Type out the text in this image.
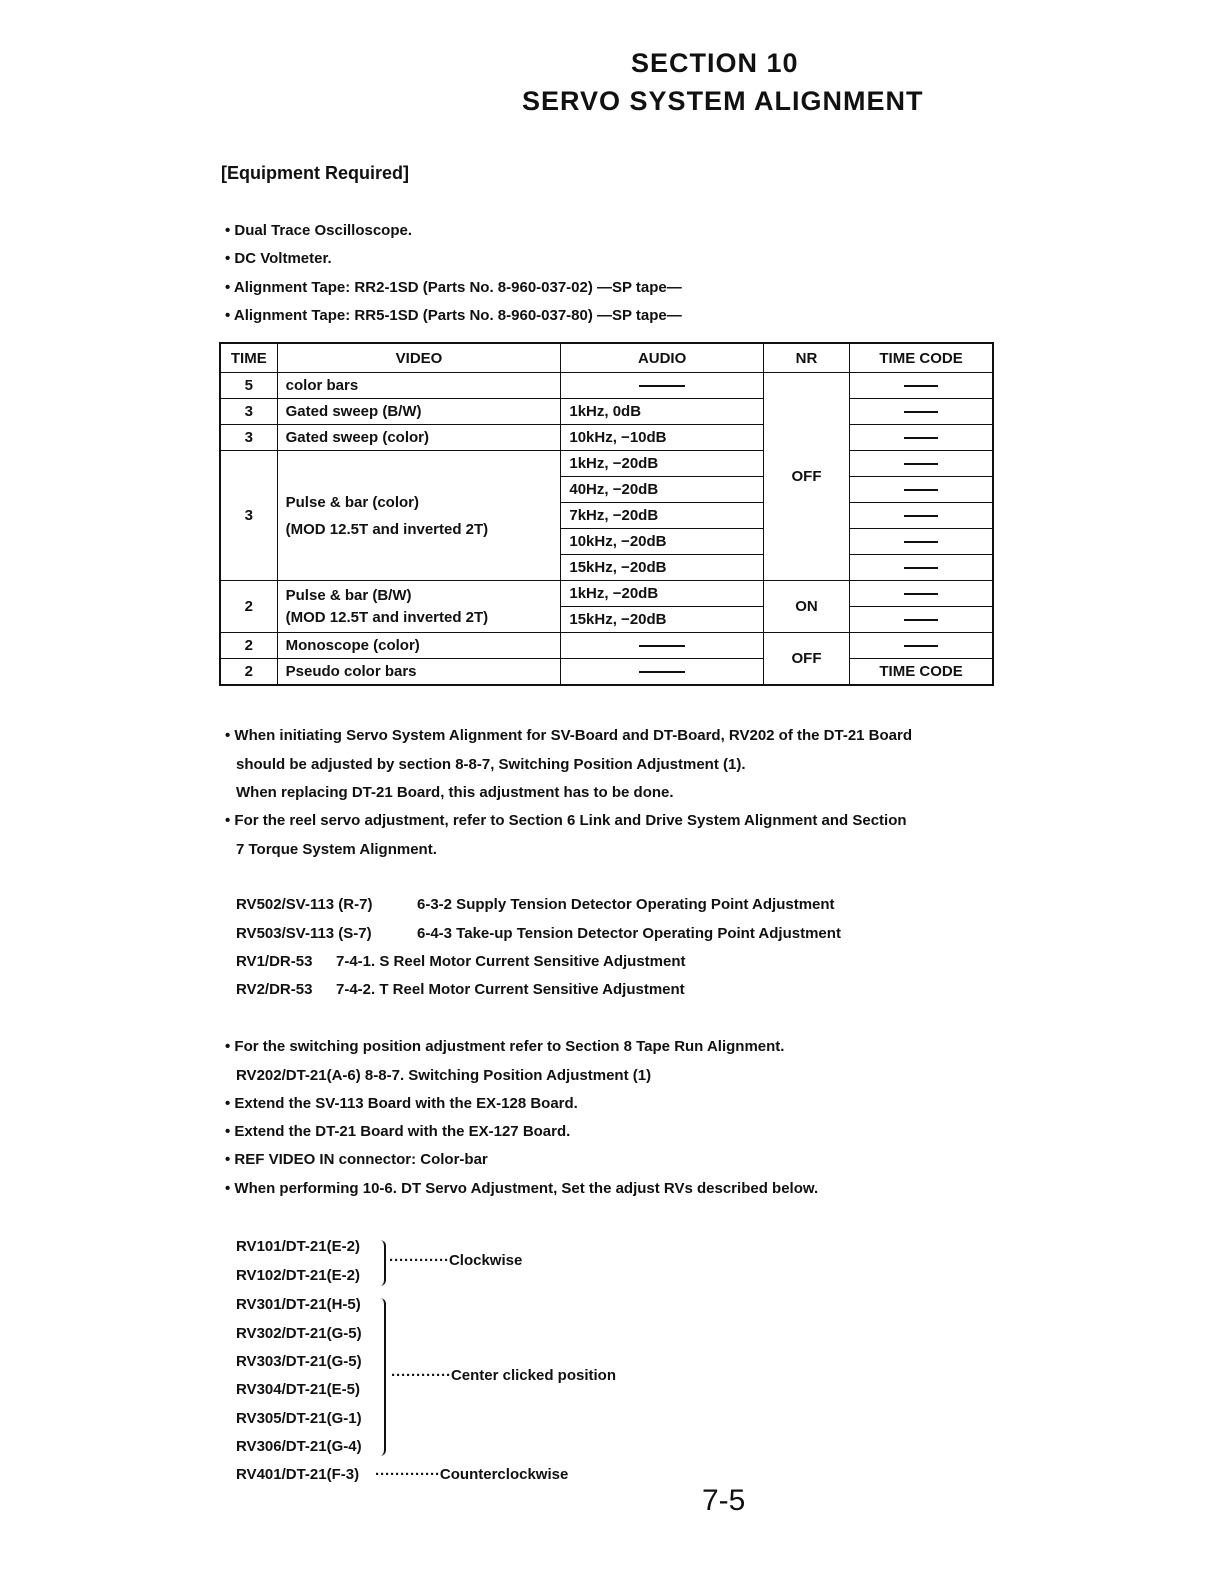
SECTION 10
SERVO SYSTEM ALIGNMENT
[Equipment Required]
• Dual Trace Oscilloscope.
• DC Voltmeter.
• Alignment Tape: RR2-1SD (Parts No. 8-960-037-02) —SP tape—
• Alignment Tape: RR5-1SD (Parts No. 8-960-037-80) —SP tape—
TIME	VIDEO	AUDIO	NR	TIME CODE
5	color bars		OFF	
3	Gated sweep (B/W)	1kHz, 0dB		
3	Gated sweep (color)	10kHz, −10dB		
3	Pulse & bar (color)
(MOD 12.5T and inverted 2T)	1kHz, −20dB		
		40Hz, −20dB		
		7kHz, −20dB		
		10kHz, −20dB		
		15kHz, −20dB		
2	Pulse & bar (B/W)
(MOD 12.5T and inverted 2T)	1kHz, −20dB	ON	
		15kHz, −20dB		
2	Monoscope (color)		OFF	
2	Pseudo color bars			TIME CODE
• When initiating Servo System Alignment for SV-Board and DT-Board, RV202 of the DT-21 Board
should be adjusted by section 8-8-7, Switching Position Adjustment (1).
When replacing DT-21 Board, this adjustment has to be done.
• For the reel servo adjustment, refer to Section 6 Link and Drive System Alignment and Section
7 Torque System Alignment.
RV502/SV-113 (R-7)	6-3-2 Supply Tension Detector Operating Point Adjustment
RV503/SV-113 (S-7)	6-4-3 Take-up Tension Detector Operating Point Adjustment
RV1/DR-53 7-4-1. S Reel Motor Current Sensitive Adjustment
RV2/DR-53 7-4-2. T Reel Motor Current Sensitive Adjustment
• For the switching position adjustment refer to Section 8 Tape Run Alignment.
RV202/DT-21(A-6) 8-8-7. Switching Position Adjustment (1)
• Extend the SV-113 Board with the EX-128 Board.
• Extend the DT-21 Board with the EX-127 Board.
• REF VIDEO IN connector: Color-bar
• When performing 10-6. DT Servo Adjustment, Set the adjust RVs described below.
RV101/DT-21(E-2)
RV102/DT-21(E-2)
············Clockwise
RV301/DT-21(H-5)
RV302/DT-21(G-5)
RV303/DT-21(G-5)
RV304/DT-21(E-5)
RV305/DT-21(G-1)
RV306/DT-21(G-4)
············Center clicked position
RV401/DT-21(F-3) ·············Counterclockwise
7-5
